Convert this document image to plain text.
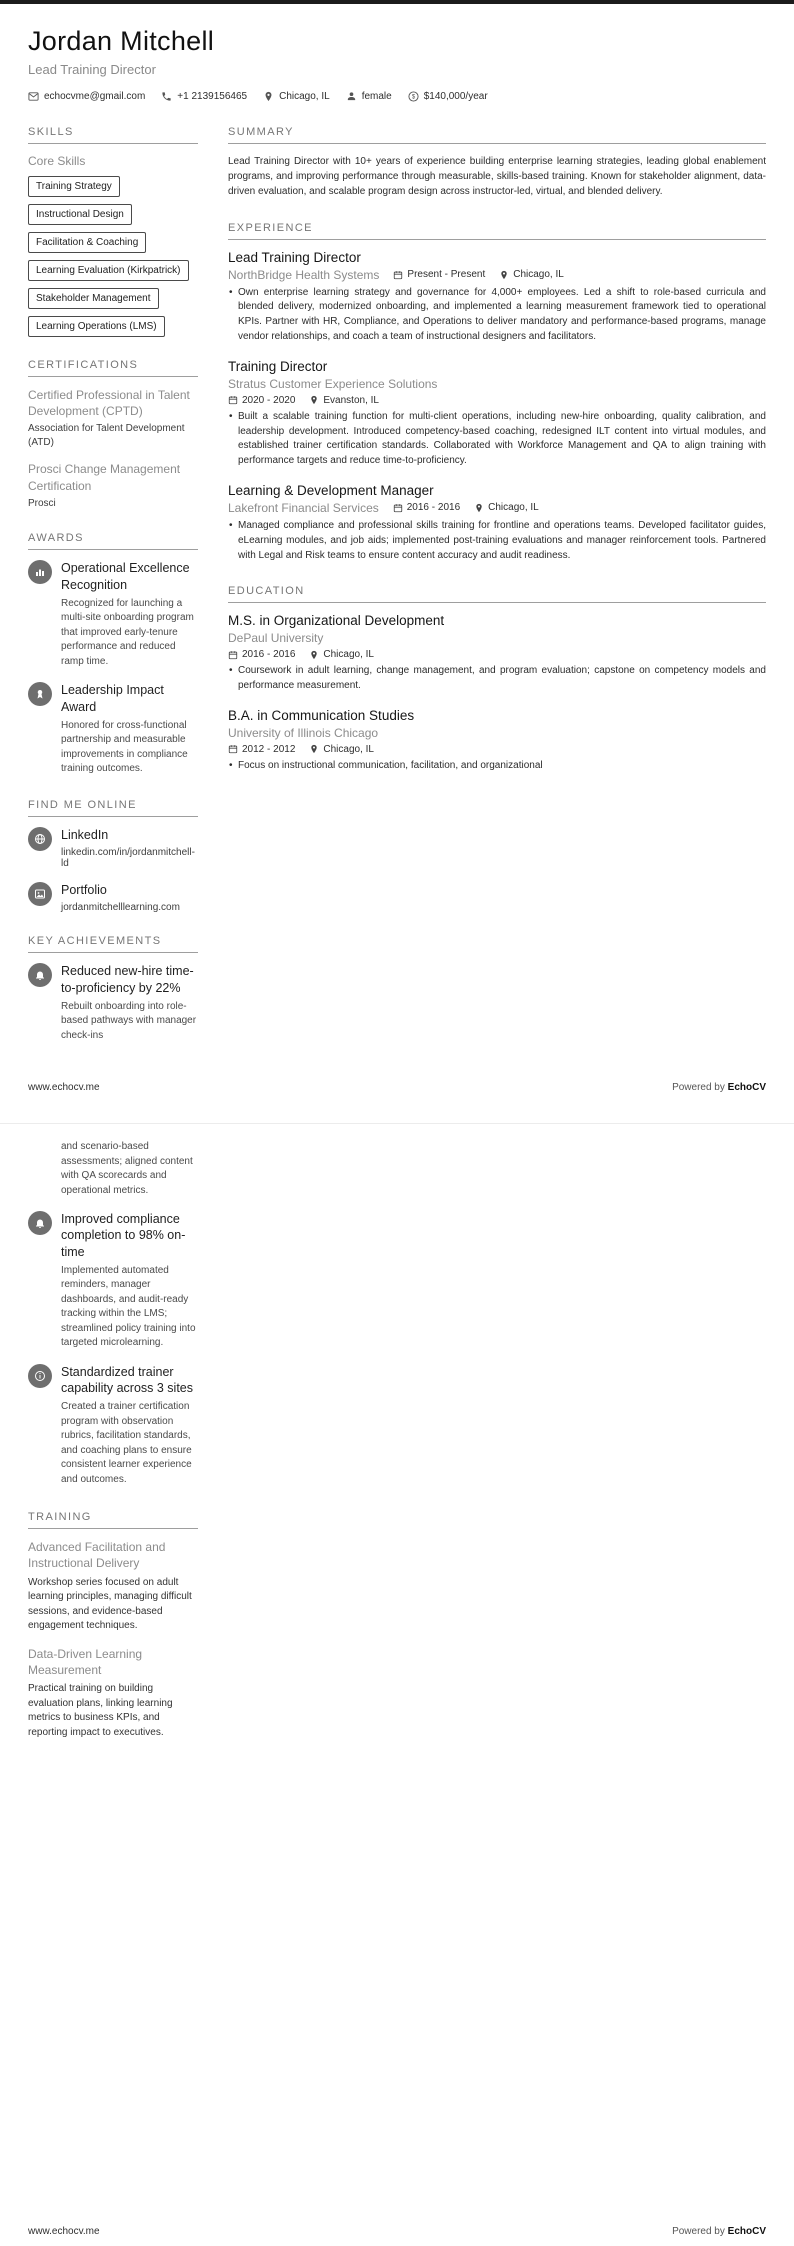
Jordan Mitchell
Lead Training Director
echocvme@gmail.com	+1 2139156465	Chicago, IL	female $ $140,000/year
SKILLS
Core Skills
Training Strategy
Instructional Design
Facilitation & Coaching
Learning Evaluation (Kirkpatrick)
Stakeholder Management
Learning Operations (LMS)
CERTIFICATIONS
Certified Professional in Talent Development (CPTD)
Association for Talent Development (ATD)
Prosci Change Management Certification
Prosci
AWARDS
Operational Excellence Recognition
Recognized for launching a multi-site onboarding program that improved early-tenure performance and reduced ramp time.
Leadership Impact Award
Honored for cross-functional partnership and measurable improvements in compliance training outcomes.
FIND ME ONLINE
LinkedIn
linkedin.com/in/jordanmitchell-ld
Portfolio
jordanmitchelllearning.com
KEY ACHIEVEMENTS
Reduced new-hire time-to-proficiency by 22%
Rebuilt onboarding into role-based pathways with manager check-ins
SUMMARY
Lead Training Director with 10+ years of experience building enterprise learning strategies, leading global enablement programs, and improving performance through measurable, skills-based training. Known for stakeholder alignment, data-driven evaluation, and scalable program design across instructor-led, virtual, and blended delivery.
EXPERIENCE
Lead Training Director
NorthBridge Health Systems	Present - Present	Chicago, IL
• Own enterprise learning strategy and governance for 4,000+ employees. Led a shift to role-based curricula and blended delivery, modernized onboarding, and implemented a learning measurement framework tied to operational KPIs. Partner with HR, Compliance, and Operations to deliver mandatory and performance-based programs, manage vendor relationships, and coach a team of instructional designers and facilitators.
Training Director
Stratus Customer Experience Solutions
2020 - 2020	Evanston, IL
• Built a scalable training function for multi-client operations, including new-hire onboarding, quality calibration, and leadership development. Introduced competency-based coaching, redesigned ILT content into virtual modules, and established trainer certification standards. Collaborated with Workforce Management and QA to align training with performance targets and reduce time-to-proficiency.
Learning & Development Manager
Lakefront Financial Services	2016 - 2016	Chicago, IL
• Managed compliance and professional skills training for frontline and operations teams. Developed facilitator guides, eLearning modules, and job aids; implemented post-training evaluations and manager reinforcement tools. Partnered with Legal and Risk teams to ensure content accuracy and audit readiness.
EDUCATION
M.S. in Organizational Development
DePaul University
2016 - 2016	Chicago, IL
• Coursework in adult learning, change management, and program evaluation; capstone on competency models and performance measurement.
B.A. in Communication Studies
University of Illinois Chicago
2012 - 2012	Chicago, IL
• Focus on instructional communication, facilitation, and organizational
www.echocv.me	Powered by EchoCV
and scenario-based assessments; aligned content with QA scorecards and operational metrics.
Improved compliance completion to 98% on-time
Implemented automated reminders, manager dashboards, and audit-ready tracking within the LMS; streamlined policy training into targeted microlearning.
Standardized trainer capability across 3 sites
Created a trainer certification program with observation rubrics, facilitation standards, and coaching plans to ensure consistent learner experience and outcomes.
TRAINING
Advanced Facilitation and Instructional Delivery
Workshop series focused on adult learning principles, managing difficult sessions, and evidence-based engagement techniques.
Data-Driven Learning Measurement
Practical training on building evaluation plans, linking learning metrics to business KPIs, and reporting impact to executives.
www.echocv.me	Powered by EchoCV
